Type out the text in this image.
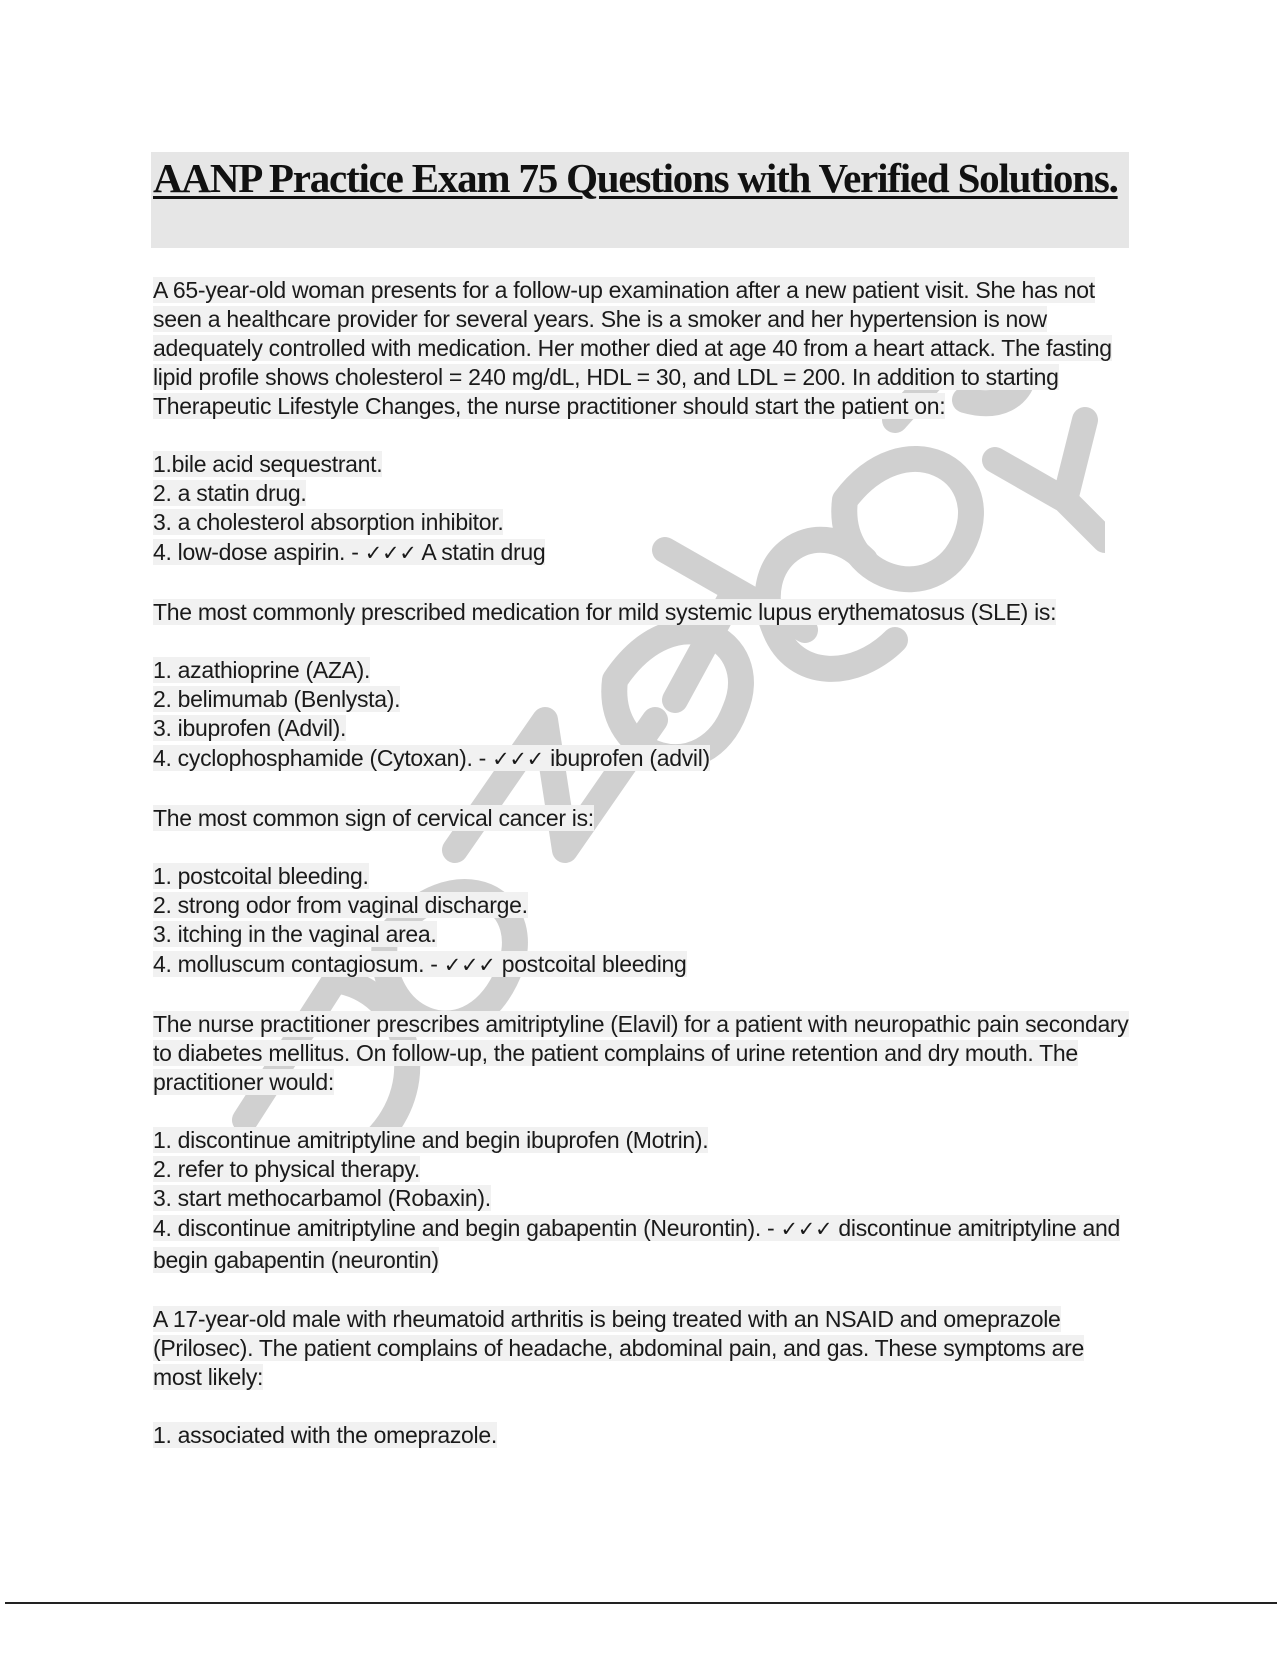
AANP Practice Exam 75 Questions with Verified Solutions.

A 65-year-old woman presents for a follow-up examination after a new patient visit. She has not seen a healthcare provider for several years. She is a smoker and her hypertension is now adequately controlled with medication. Her mother died at age 40 from a heart attack. The fasting lipid profile shows cholesterol = 240 mg/dL, HDL = 30, and LDL = 200. In addition to starting Therapeutic Lifestyle Changes, the nurse practitioner should start the patient on:

1.bile acid sequestrant.

2. a statin drug.

3. a cholesterol absorption inhibitor.

4. low-dose aspirin. - ✓✓✓ A statin drug

The most commonly prescribed medication for mild systemic lupus erythematosus (SLE) is:

1. azathioprine (AZA).

2. belimumab (Benlysta).

3. ibuprofen (Advil).

4. cyclophosphamide (Cytoxan). - ✓✓✓ ibuprofen (advil)

The most common sign of cervical cancer is:

1. postcoital bleeding.

2. strong odor from vaginal discharge.

3. itching in the vaginal area.

4. molluscum contagiosum. - ✓✓✓ postcoital bleeding

The nurse practitioner prescribes amitriptyline (Elavil) for a patient with neuropathic pain secondary to diabetes mellitus. On follow-up, the patient complains of urine retention and dry mouth. The practitioner would:

1. discontinue amitriptyline and begin ibuprofen (Motrin).

2. refer to physical therapy.

3. start methocarbamol (Robaxin).

4. discontinue amitriptyline and begin gabapentin (Neurontin). - ✓✓✓ discontinue amitriptyline and begin gabapentin (neurontin)

A 17-year-old male with rheumatoid arthritis is being treated with an NSAID and omeprazole (Prilosec). The patient complains of headache, abdominal pain, and gas. These symptoms are most likely:

1. associated with the omeprazole.
